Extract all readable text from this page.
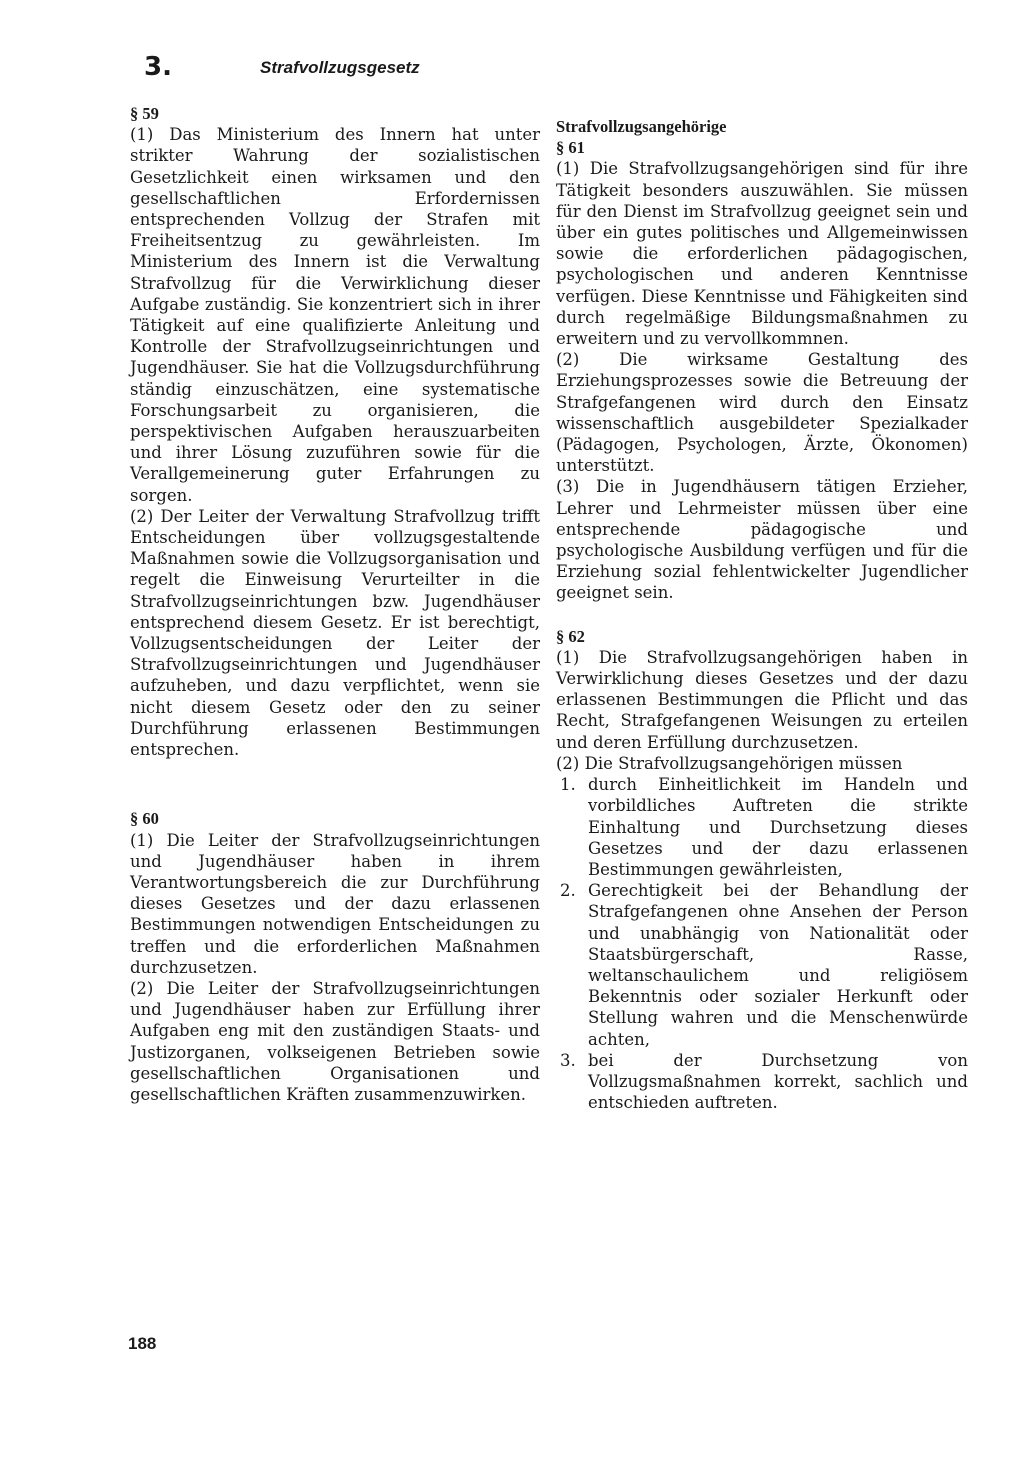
3.	Strafvollzugsgesetz
§ 59

(1) Das Ministerium des Innern hat unter strikter Wahrung der sozialistischen Gesetzlichkeit einen wirksamen und den gesellschaftlichen Erfordernissen entsprechenden Vollzug der Strafen mit Freiheitsentzug zu gewährleisten. Im Ministerium des Innern ist die Verwaltung Strafvollzug für die Verwirklichung dieser Aufgabe zuständig. Sie konzentriert sich in ihrer Tätigkeit auf eine qualifizierte Anleitung und Kontrolle der Strafvollzugseinrichtungen und Jugendhäuser. Sie hat die Vollzugsdurchführung ständig einzuschätzen, eine systematische Forschungsarbeit zu organisieren, die perspektivischen Aufgaben herauszuarbeiten und ihrer Lösung zuzuführen sowie für die Verallgemeinerung guter Erfahrungen zu sorgen.

(2) Der Leiter der Verwaltung Strafvollzug trifft Entscheidungen über vollzugsgestaltende Maßnahmen sowie die Vollzugsorganisation und regelt die Einweisung Verurteilter in die Strafvollzugseinrichtungen bzw. Jugendhäuser entsprechend diesem Gesetz. Er ist berechtigt, Vollzugsentscheidungen der Leiter der Strafvollzugseinrichtungen und Jugendhäuser aufzuheben, und dazu verpflichtet, wenn sie nicht diesem Gesetz oder den zu seiner Durchführung erlassenen Bestimmungen entsprechen.

§ 60

(1) Die Leiter der Strafvollzugseinrichtungen und Jugendhäuser haben in ihrem Verantwortungsbereich die zur Durchführung dieses Gesetzes und der dazu erlassenen Bestimmungen notwendigen Entscheidungen zu treffen und die erforderlichen Maßnahmen durchzusetzen.

(2) Die Leiter der Strafvollzugseinrichtungen und Jugendhäuser haben zur Erfüllung ihrer Aufgaben eng mit den zuständigen Staats- und Justizorganen, volkseigenen Betrieben sowie gesellschaftlichen Organisationen und gesellschaftlichen Kräften zusammenzuwirken.

Strafvollzugsangehörige
§ 61

(1) Die Strafvollzugsangehörigen sind für ihre Tätigkeit besonders auszuwählen. Sie müssen für den Dienst im Strafvollzug geeignet sein und über ein gutes politisches und Allgemeinwissen sowie die erforderlichen pädagogischen, psychologischen und anderen Kenntnisse verfügen. Diese Kenntnisse und Fähigkeiten sind durch regelmäßige Bildungsmaßnahmen zu erweitern und zu vervollkommnen.

(2) Die wirksame Gestaltung des Erziehungsprozesses sowie die Betreuung der Strafgefangenen wird durch den Einsatz wissenschaftlich ausgebildeter Spezialkader (Pädagogen, Psychologen, Ärzte, Ökonomen) unterstützt.

(3) Die in Jugendhäusern tätigen Erzieher, Lehrer und Lehrmeister müssen über eine entsprechende pädagogische und psychologische Ausbildung verfügen und für die Erziehung sozial fehlentwickelter Jugendlicher geeignet sein.

§ 62

(1) Die Strafvollzugsangehörigen haben in Verwirklichung dieses Gesetzes und der dazu erlassenen Bestimmungen die Pflicht und das Recht, Strafgefangenen Weisungen zu erteilen und deren Erfüllung durchzusetzen.

(2) Die Strafvollzugsangehörigen müssen

1. durch Einheitlichkeit im Handeln und vorbildliches Auftreten die strikte Einhaltung und Durchsetzung dieses Gesetzes und der dazu erlassenen Bestimmungen gewährleisten,
2. Gerechtigkeit bei der Behandlung der Strafgefangenen ohne Ansehen der Person und unabhängig von Nationalität oder Staatsbürgerschaft, Rasse, weltanschaulichem und religiösem Bekenntnis oder sozialer Herkunft oder Stellung wahren und die Menschenwürde achten,
3. bei der Durchsetzung von Vollzugsmaßnahmen korrekt, sachlich und entschieden auftreten.
188
